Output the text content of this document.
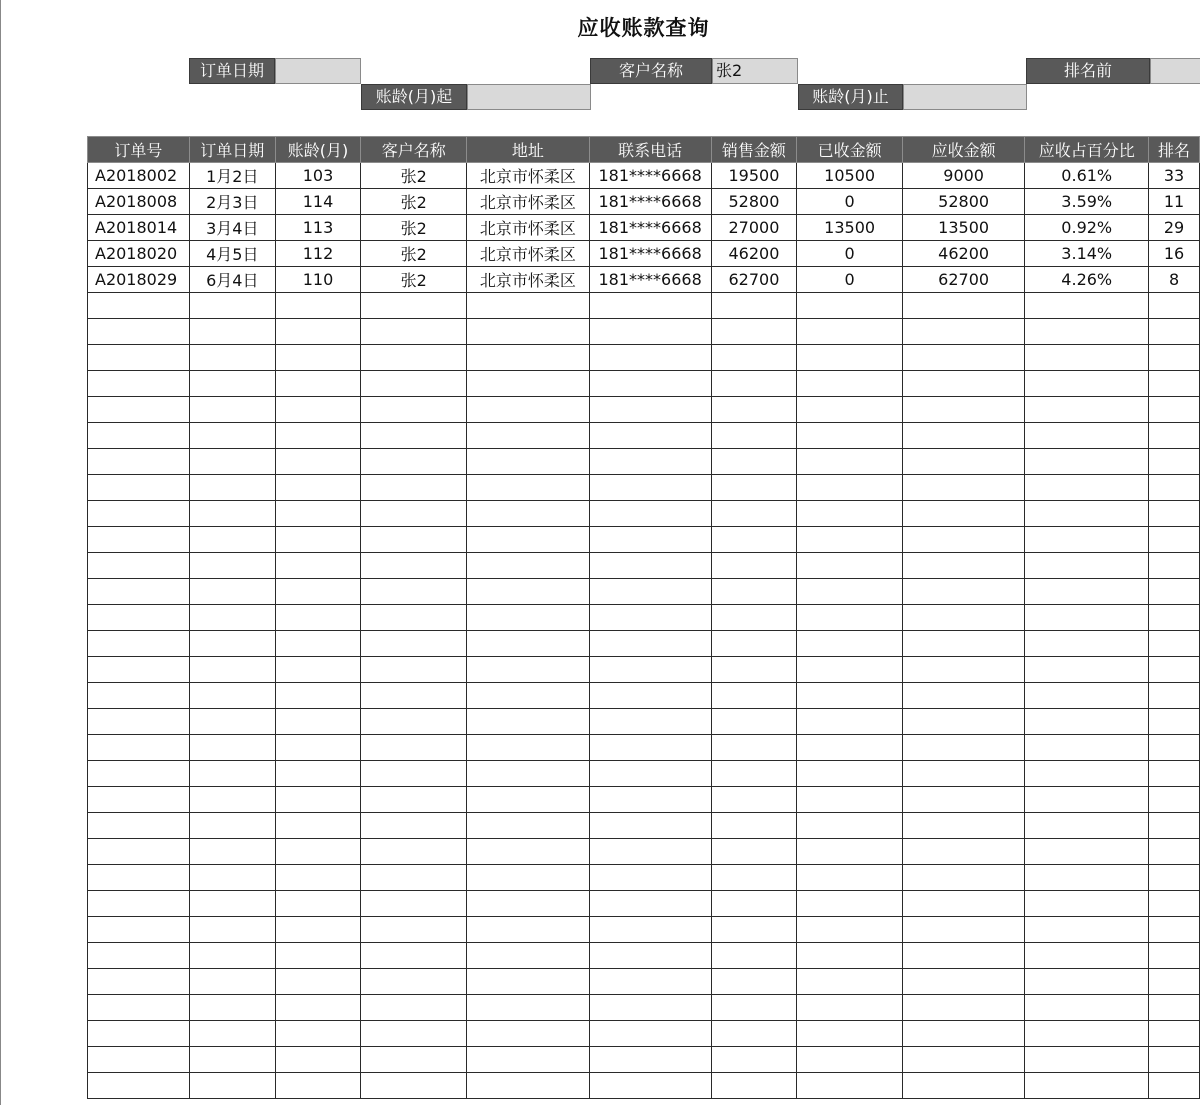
应收账款查询
订单日期	客户名称	张2	排名前
账龄(月)起	账龄(月)止
订单号	订单日期	账龄(月)	客户名称	地址	联系电话	销售金额	已收金额	应收金额	应收占百分比	排名
A2018002	1月2日	103	张2	北京市怀柔区	181****6668	19500	10500	9000	0.61%	33
A2018008	2月3日	114	张2	北京市怀柔区	181****6668	52800	0	52800	3.59%	11
A2018014	3月4日	113	张2	北京市怀柔区	181****6668	27000	13500	13500	0.92%	29
A2018020	4月5日	112	张2	北京市怀柔区	181****6668	46200	0	46200	3.14%	16
A2018029	6月4日	110	张2	北京市怀柔区	181****6668	62700	0	62700	4.26%	8
